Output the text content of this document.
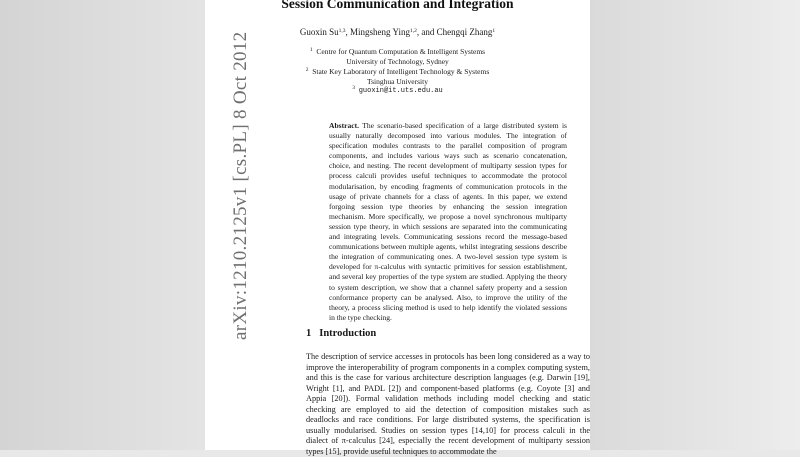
arXiv:1210.2125v1 [cs.PL] 8 Oct 2012
Session Communication and Integration
Guoxin Su$^{1,3}$, Mingsheng Ying$^{1,2}$, and Chengqi Zhang$^1$
$^1$ Centre for Quantum Computation & Intelligent Systems
University of Technology, Sydney
$^2$ State Key Laboratory of Intelligent Technology & Systems
Tsinghua University
$^3$ guoxin@it.uts.edu.au
Abstract. The scenario-based specification of a large distributed system is usually naturally decomposed into various modules. The integration of specification modules contrasts to the parallel composition of program components, and includes various ways such as scenario concatenation, choice, and nesting. The recent development of multiparty session types for process calculi provides useful techniques to accommodate the protocol modularisation, by encoding fragments of communication protocols in the usage of private channels for a class of agents. In this paper, we extend forgoing session type theories by enhancing the session integration mechanism. More specifically, we propose a novel synchronous multiparty session type theory, in which sessions are separated into the communicating and integrating levels. Communicating sessions record the message-based communications between multiple agents, whilst integrating sessions describe the integration of communicating ones. A two-level session type system is developed for π-calculus with syntactic primitives for session establishment, and several key properties of the type system are studied. Applying the theory to system description, we show that a channel safety property and a session conformance property can be analysed. Also, to improve the utility of the theory, a process slicing method is used to help identify the violated sessions in the type checking.
1 Introduction
The description of service accesses in protocols has been long considered as a way to improve the interoperability of program components in a complex computing system, and this is the case for various architecture description languages (e.g. Darwin [19], Wright [1], and PADL [2]) and component-based platforms (e.g. Coyote [3] and Appia [20]). Formal validation methods including model checking and static checking are employed to aid the detection of composition mistakes such as deadlocks and race conditions. For large distributed systems, the specification is usually modularised. Studies on session types [14,10] for process calculi in the dialect of π-calculus [24], especially the recent development of multiparty session types [15], provide useful techniques to accommodate the
